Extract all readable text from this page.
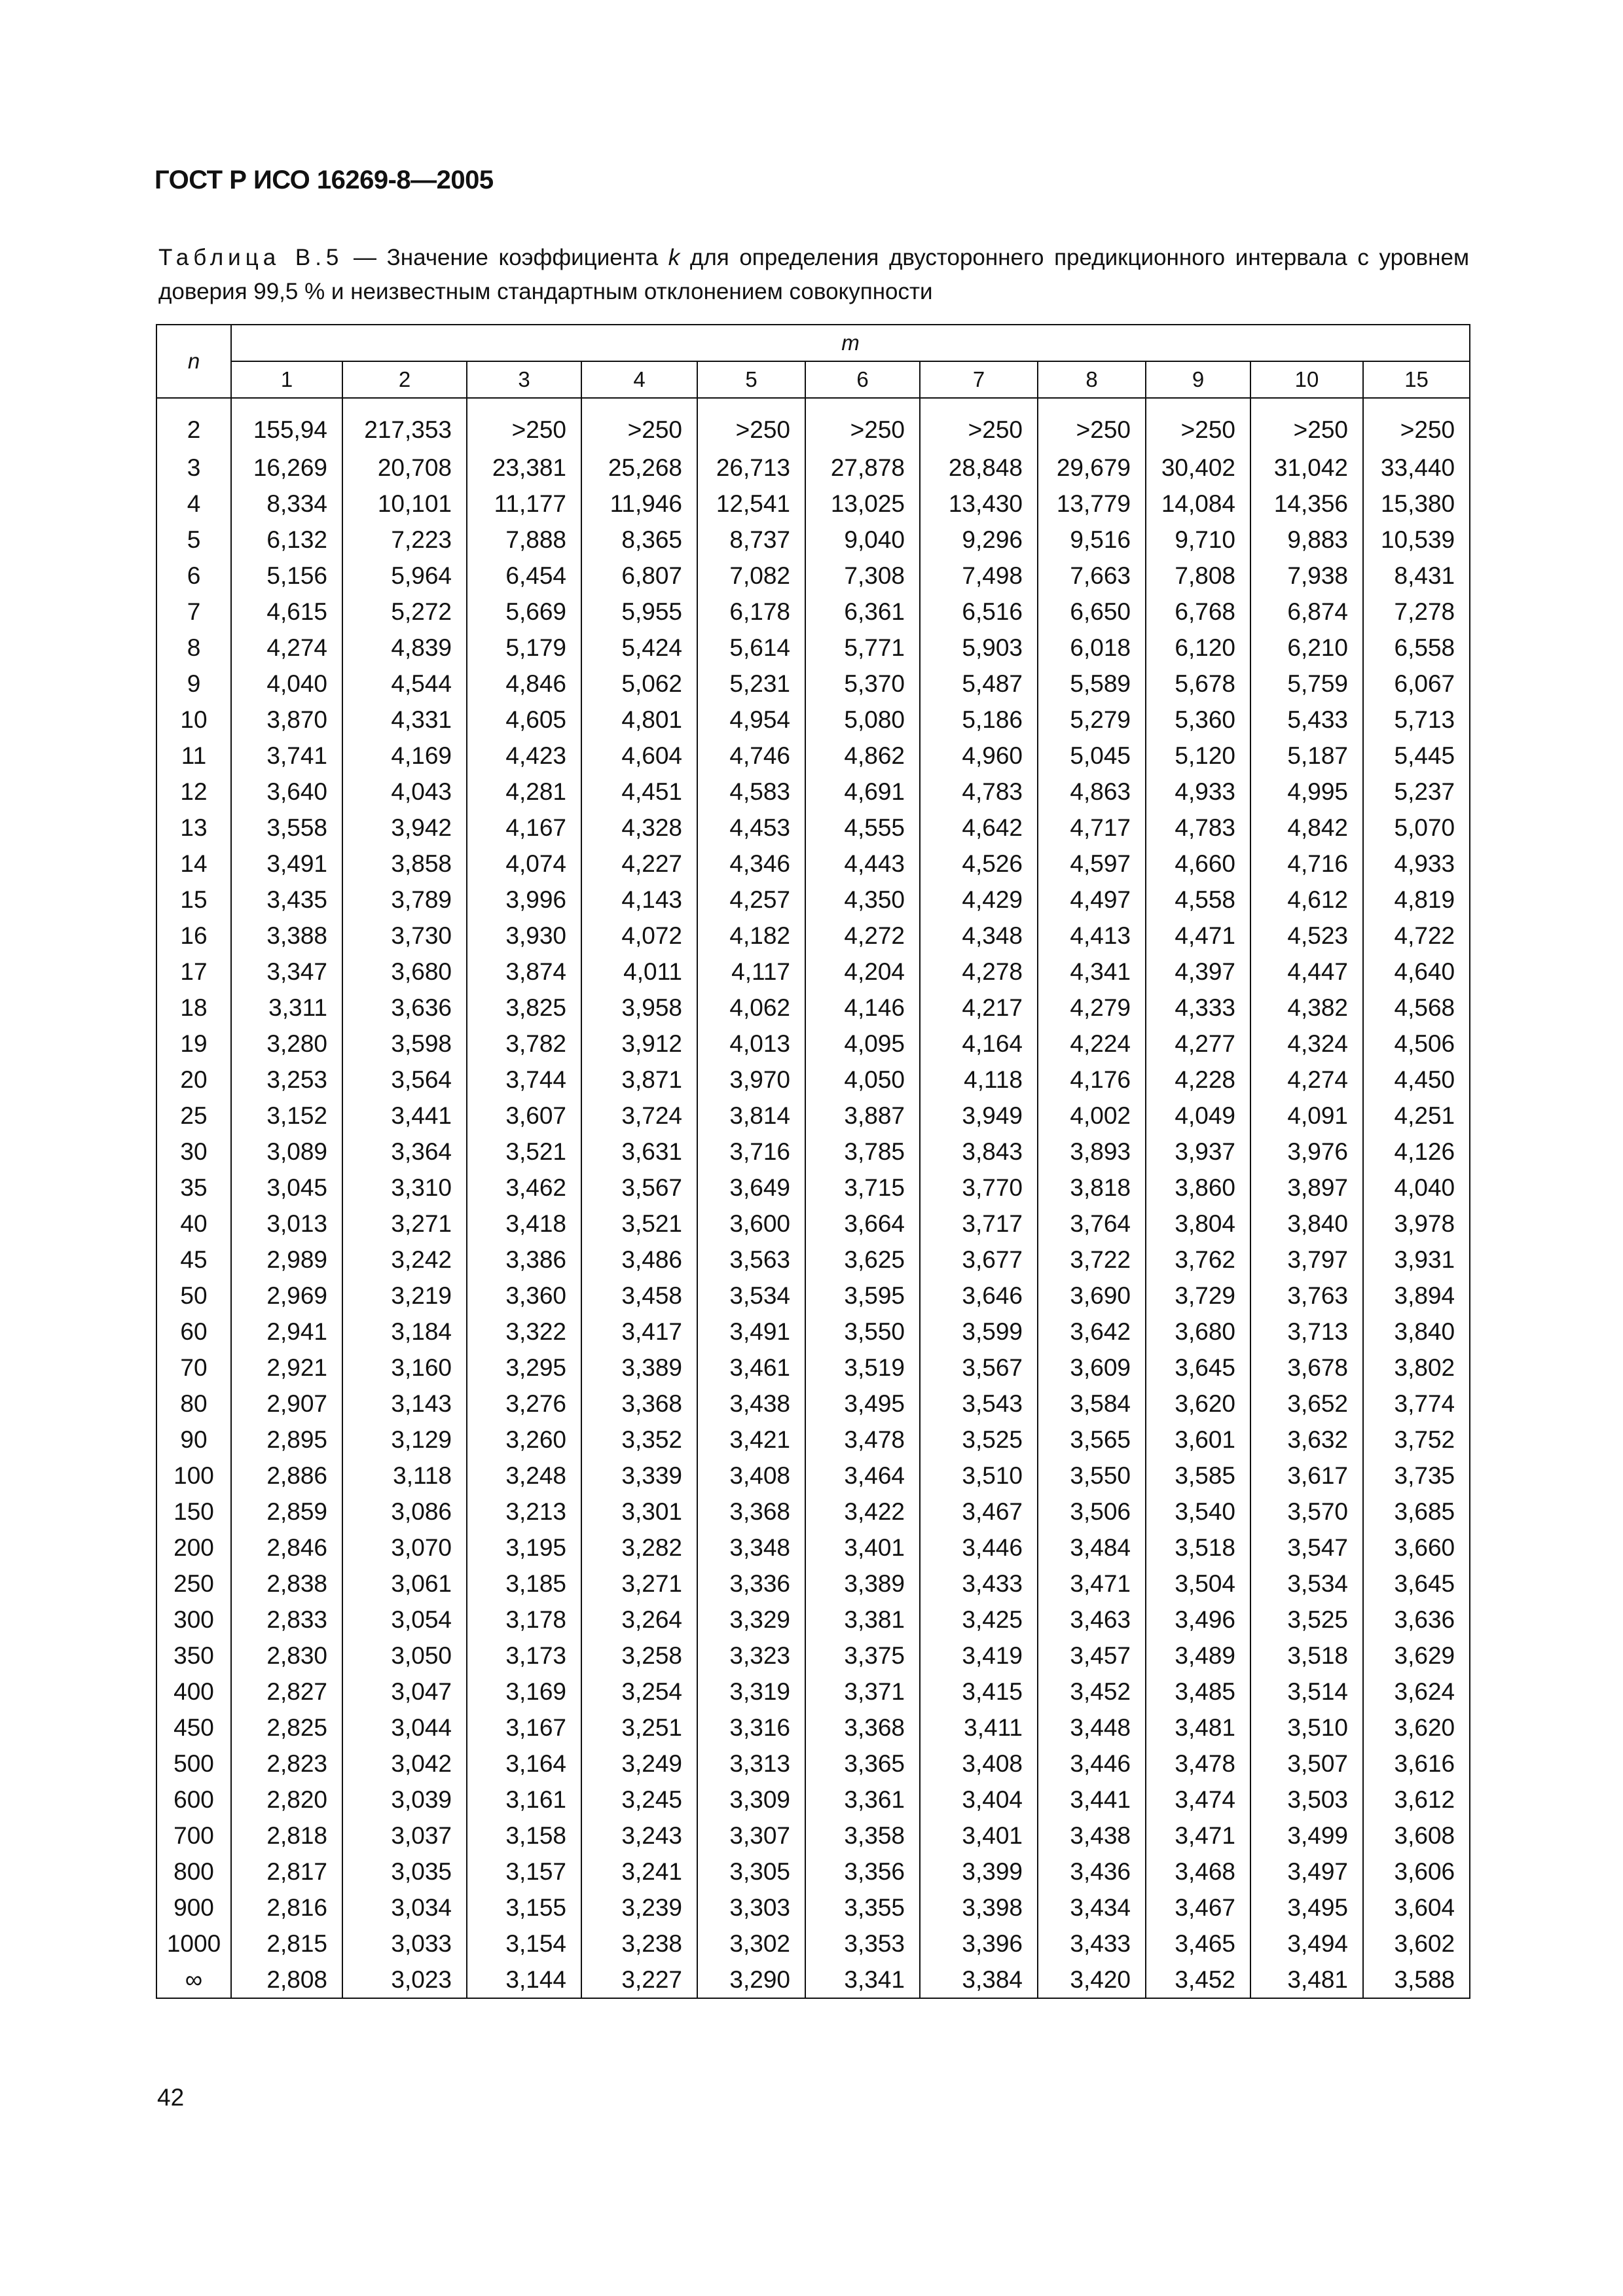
ГОСТ Р ИСО 16269-8—2005
Таблица В.5 — Значение коэффициента k для определения двустороннего предикционного интервала с уровнем доверия 99,5 % и неизвестным стандартным отклонением совокупности
n	m										
	1	2	3	4	5	6	7	8	9	10	15
2	155,94	217,353	>250	>250	>250	>250	>250	>250	>250	>250	>250
3	16,269	20,708	23,381	25,268	26,713	27,878	28,848	29,679	30,402	31,042	33,440
4	8,334	10,101	11,177	11,946	12,541	13,025	13,430	13,779	14,084	14,356	15,380
5	6,132	7,223	7,888	8,365	8,737	9,040	9,296	9,516	9,710	9,883	10,539
6	5,156	5,964	6,454	6,807	7,082	7,308	7,498	7,663	7,808	7,938	8,431
7	4,615	5,272	5,669	5,955	6,178	6,361	6,516	6,650	6,768	6,874	7,278
8	4,274	4,839	5,179	5,424	5,614	5,771	5,903	6,018	6,120	6,210	6,558
9	4,040	4,544	4,846	5,062	5,231	5,370	5,487	5,589	5,678	5,759	6,067
10	3,870	4,331	4,605	4,801	4,954	5,080	5,186	5,279	5,360	5,433	5,713
11	3,741	4,169	4,423	4,604	4,746	4,862	4,960	5,045	5,120	5,187	5,445
12	3,640	4,043	4,281	4,451	4,583	4,691	4,783	4,863	4,933	4,995	5,237
13	3,558	3,942	4,167	4,328	4,453	4,555	4,642	4,717	4,783	4,842	5,070
14	3,491	3,858	4,074	4,227	4,346	4,443	4,526	4,597	4,660	4,716	4,933
15	3,435	3,789	3,996	4,143	4,257	4,350	4,429	4,497	4,558	4,612	4,819
16	3,388	3,730	3,930	4,072	4,182	4,272	4,348	4,413	4,471	4,523	4,722
17	3,347	3,680	3,874	4,011	4,117	4,204	4,278	4,341	4,397	4,447	4,640
18	3,311	3,636	3,825	3,958	4,062	4,146	4,217	4,279	4,333	4,382	4,568
19	3,280	3,598	3,782	3,912	4,013	4,095	4,164	4,224	4,277	4,324	4,506
20	3,253	3,564	3,744	3,871	3,970	4,050	4,118	4,176	4,228	4,274	4,450
25	3,152	3,441	3,607	3,724	3,814	3,887	3,949	4,002	4,049	4,091	4,251
30	3,089	3,364	3,521	3,631	3,716	3,785	3,843	3,893	3,937	3,976	4,126
35	3,045	3,310	3,462	3,567	3,649	3,715	3,770	3,818	3,860	3,897	4,040
40	3,013	3,271	3,418	3,521	3,600	3,664	3,717	3,764	3,804	3,840	3,978
45	2,989	3,242	3,386	3,486	3,563	3,625	3,677	3,722	3,762	3,797	3,931
50	2,969	3,219	3,360	3,458	3,534	3,595	3,646	3,690	3,729	3,763	3,894
60	2,941	3,184	3,322	3,417	3,491	3,550	3,599	3,642	3,680	3,713	3,840
70	2,921	3,160	3,295	3,389	3,461	3,519	3,567	3,609	3,645	3,678	3,802
80	2,907	3,143	3,276	3,368	3,438	3,495	3,543	3,584	3,620	3,652	3,774
90	2,895	3,129	3,260	3,352	3,421	3,478	3,525	3,565	3,601	3,632	3,752
100	2,886	3,118	3,248	3,339	3,408	3,464	3,510	3,550	3,585	3,617	3,735
150	2,859	3,086	3,213	3,301	3,368	3,422	3,467	3,506	3,540	3,570	3,685
200	2,846	3,070	3,195	3,282	3,348	3,401	3,446	3,484	3,518	3,547	3,660
250	2,838	3,061	3,185	3,271	3,336	3,389	3,433	3,471	3,504	3,534	3,645
300	2,833	3,054	3,178	3,264	3,329	3,381	3,425	3,463	3,496	3,525	3,636
350	2,830	3,050	3,173	3,258	3,323	3,375	3,419	3,457	3,489	3,518	3,629
400	2,827	3,047	3,169	3,254	3,319	3,371	3,415	3,452	3,485	3,514	3,624
450	2,825	3,044	3,167	3,251	3,316	3,368	3,411	3,448	3,481	3,510	3,620
500	2,823	3,042	3,164	3,249	3,313	3,365	3,408	3,446	3,478	3,507	3,616
600	2,820	3,039	3,161	3,245	3,309	3,361	3,404	3,441	3,474	3,503	3,612
700	2,818	3,037	3,158	3,243	3,307	3,358	3,401	3,438	3,471	3,499	3,608
800	2,817	3,035	3,157	3,241	3,305	3,356	3,399	3,436	3,468	3,497	3,606
900	2,816	3,034	3,155	3,239	3,303	3,355	3,398	3,434	3,467	3,495	3,604
1000	2,815	3,033	3,154	3,238	3,302	3,353	3,396	3,433	3,465	3,494	3,602
∞	2,808	3,023	3,144	3,227	3,290	3,341	3,384	3,420	3,452	3,481	3,588
42
